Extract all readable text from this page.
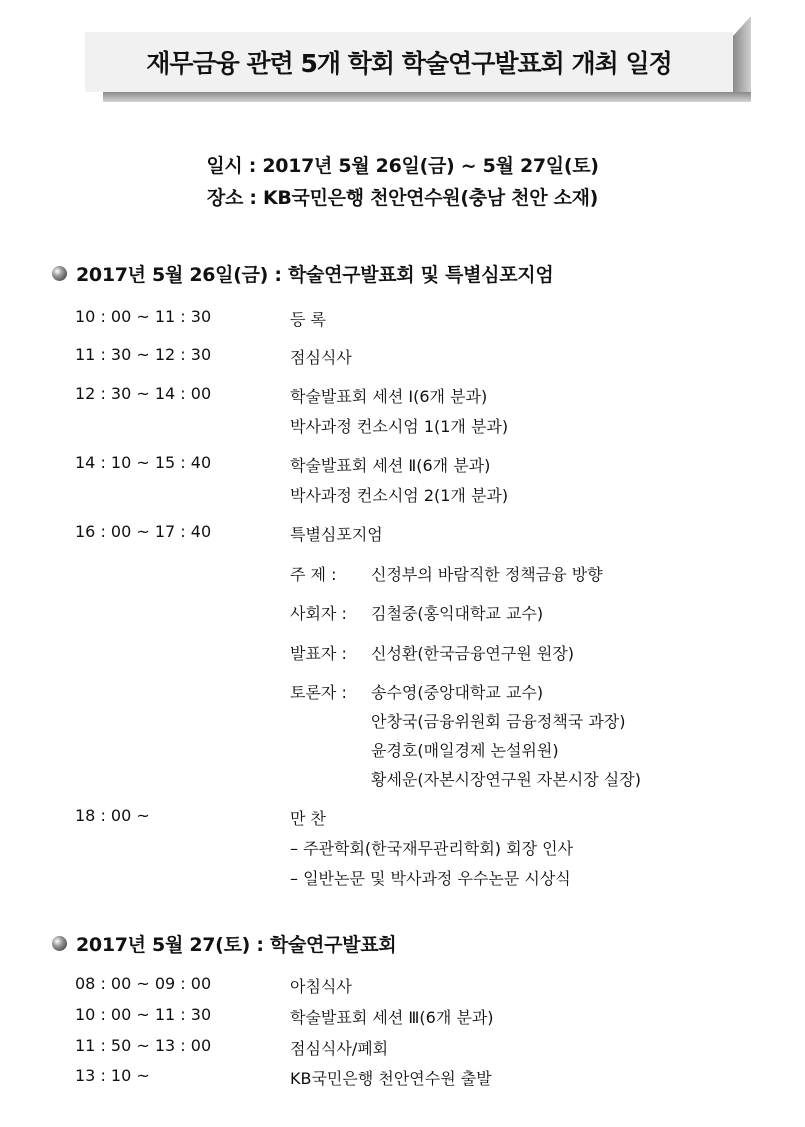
재무금융 관련 5개 학회 학술연구발표회 개최 일정
일시 : 2017년 5월 26일(금) ~ 5월 27일(토)
장소 : KB국민은행 천안연수원(충남 천안 소재)
2017년 5월 26일(금) : 학술연구발표회 및 특별심포지엄
10 : 00 ~ 11 : 30	등 록
11 : 30 ~ 12 : 30	점심식사
12 : 30 ~ 14 : 00	학술발표회 세션 Ⅰ(6개 분과)
박사과정 컨소시엄 1(1개 분과)
14 : 10 ~ 15 : 40	학술발표회 세션 Ⅱ(6개 분과)
박사과정 컨소시엄 2(1개 분과)
16 : 00 ~ 17 : 40	특별심포지엄
주 제 : 신정부의 바람직한 정책금융 방향
사회자 : 김철중(홍익대학교 교수)
발표자 : 신성환(한국금융연구원 원장)
토론자 : 송수영(중앙대학교 교수)
안창국(금융위원회 금융정책국 과장)
윤경호(매일경제 논설위원)
황세운(자본시장연구원 자본시장 실장)
18 : 00 ~	만 찬
– 주관학회(한국재무관리학회) 회장 인사
– 일반논문 및 박사과정 우수논문 시상식
2017년 5월 27(토) : 학술연구발표회
08 : 00 ~ 09 : 00	아침식사
10 : 00 ~ 11 : 30	학술발표회 세션 Ⅲ(6개 분과)
11 : 50 ~ 13 : 00	점심식사/폐회
13 : 10 ~	KB국민은행 천안연수원 출발
